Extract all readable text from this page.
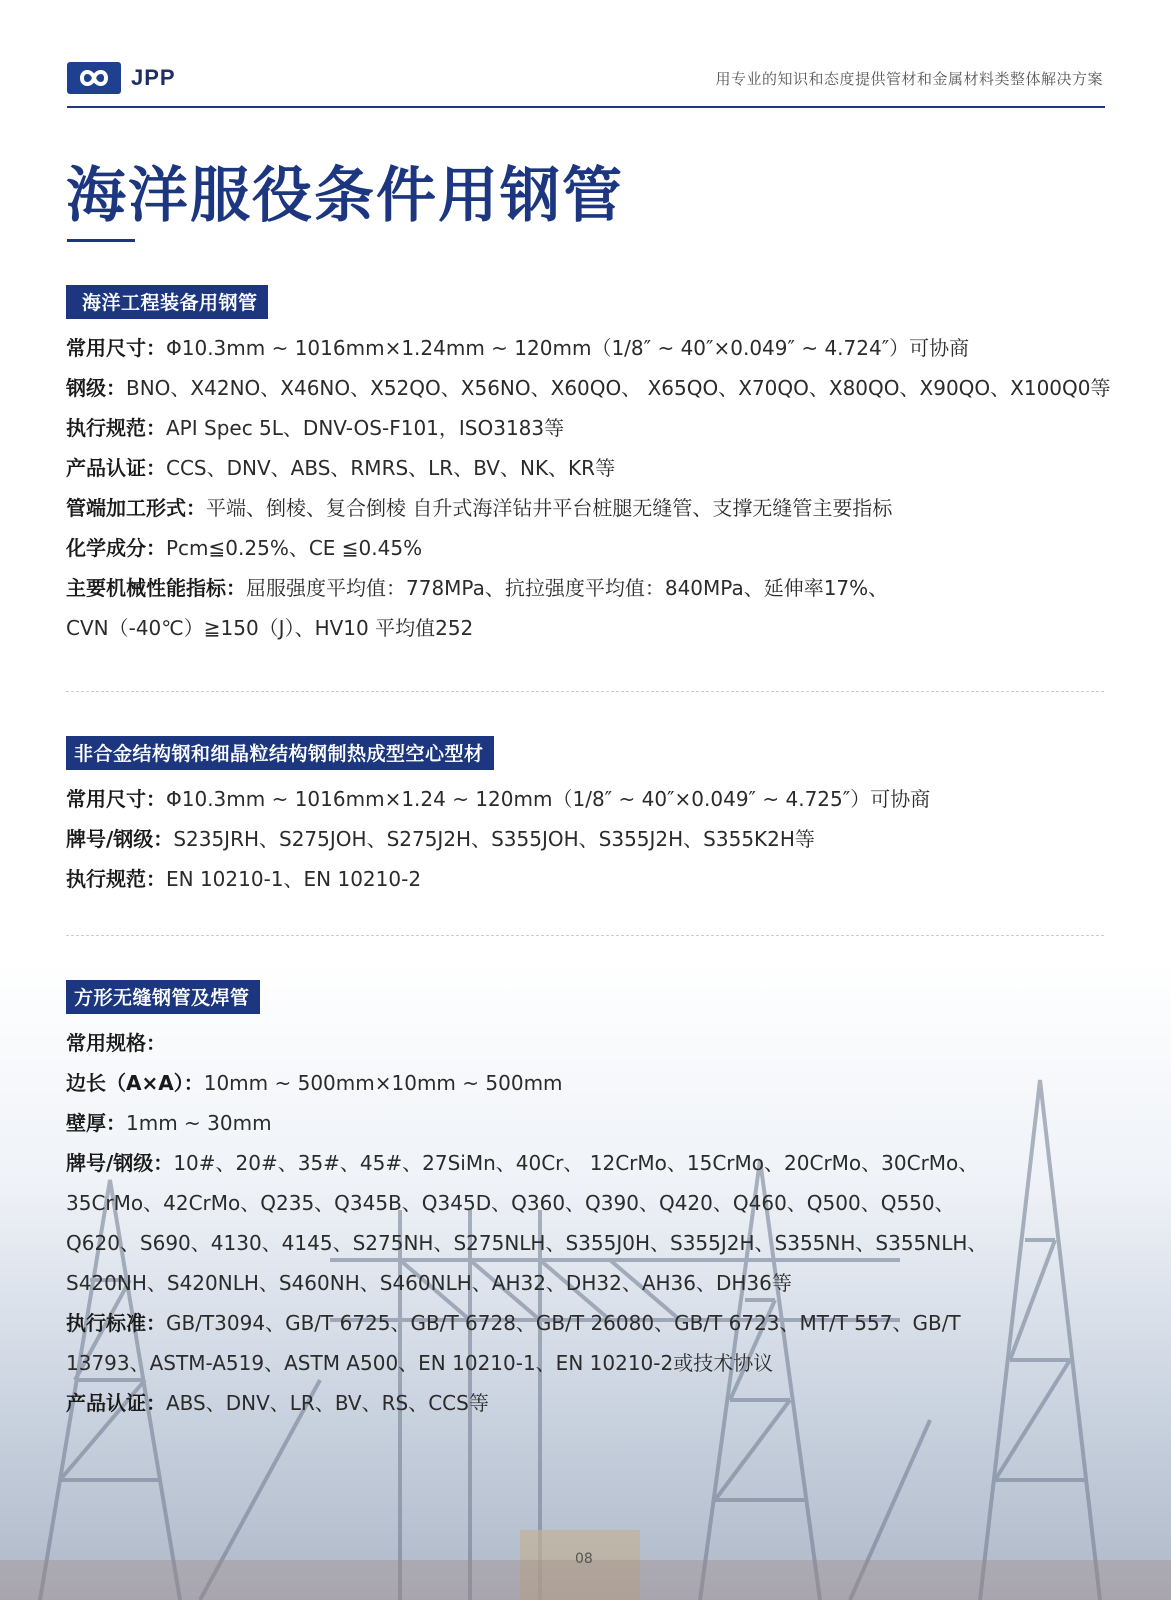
JPP	用专业的知识和态度提供管材和金属材料类整体解决方案
海洋服役条件用钢管
海洋工程装备用钢管
常用尺寸：Φ10.3mm ~ 1016mm×1.24mm ~ 120mm（1/8″ ~ 40″×0.049″ ~ 4.724″）可协商
钢级：BNO、X42NO、X46NO、X52QO、X56NO、X60QO、 X65QO、X70QO、X80QO、X90QO、X100Q0等
执行规范：API Spec 5L、DNV-OS-F101，ISO3183等
产品认证：CCS、DNV、ABS、RMRS、LR、BV、NK、KR等
管端加工形式：平端、倒棱、复合倒棱 自升式海洋钻井平台桩腿无缝管、支撑无缝管主要指标
化学成分：Pcm≦0.25%、CE ≦0.45%
主要机械性能指标：屈服强度平均值：778MPa、抗拉强度平均值：840MPa、延伸率17%、
CVN（-40℃）≧150（J）、HV10 平均值252
非合金结构钢和细晶粒结构钢制热成型空心型材
常用尺寸：Φ10.3mm ~ 1016mm×1.24 ~ 120mm（1/8″ ~ 40″×0.049″ ~ 4.725″）可协商
牌号/钢级：S235JRH、S275JOH、S275J2H、S355JOH、S355J2H、S355K2H等
执行规范：EN 10210-1、EN 10210-2
方形无缝钢管及焊管
常用规格：
边长（A×A）：10mm ~ 500mm×10mm ~ 500mm
壁厚：1mm ~ 30mm
牌号/钢级：10#、20#、35#、45#、27SiMn、40Cr、 12CrMo、15CrMo、20CrMo、30CrMo、
35CrMo、42CrMo、Q235、Q345B、Q345D、Q360、Q390、Q420、Q460、Q500、Q550、
Q620、S690、4130、4145、S275NH、S275NLH、S355J0H、S355J2H、S355NH、S355NLH、
S420NH、S420NLH、S460NH、S460NLH、AH32、DH32、AH36、DH36等
执行标准：GB/T3094、GB/T 6725、GB/T 6728、GB/T 26080、GB/T 6723、MT/T 557、GB/T
13793、ASTM-A519、ASTM A500、EN 10210-1、EN 10210-2或技术协议
产品认证：ABS、DNV、LR、BV、RS、CCS等
08
